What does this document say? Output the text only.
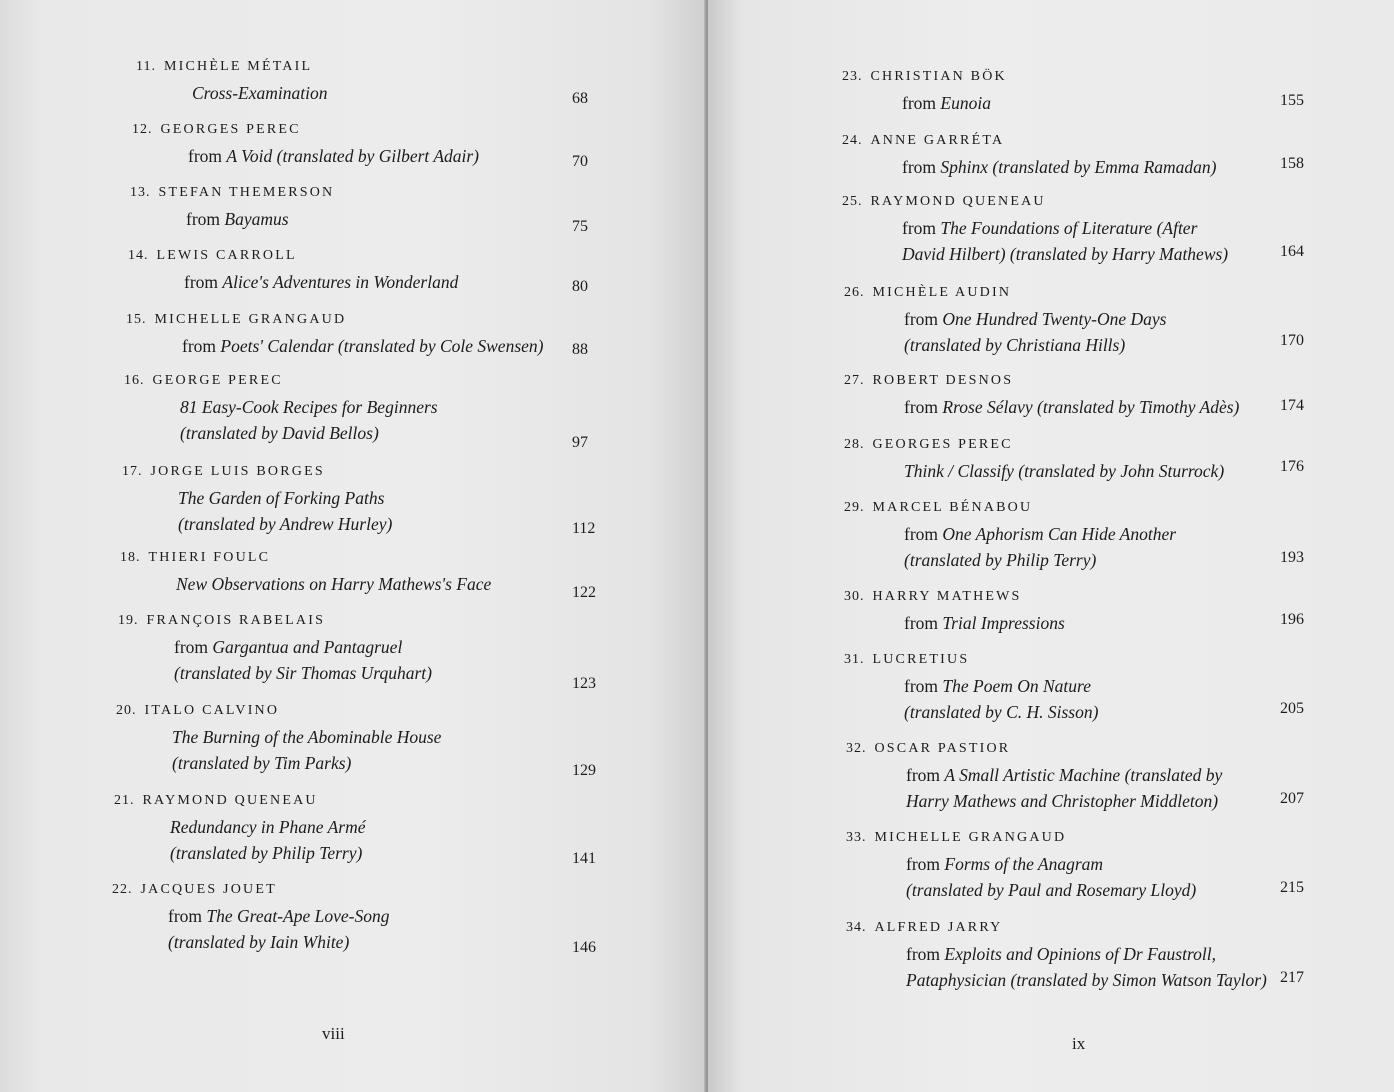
viii
11. MICHÈLE MÉTAIL
Cross-Examination	68
12. GEORGES PEREC
from A Void (translated by Gilbert Adair)	70
13. STEFAN THEMERSON
from Bayamus	75
14. LEWIS CARROLL
from Alice's Adventures in Wonderland	80
15. MICHELLE GRANGAUD
from Poets' Calendar (translated by Cole Swensen) 88
16. GEORGE PEREC
81 Easy-Cook Recipes for Beginners
(translated by David Bellos)	97
17. JORGE LUIS BORGES
The Garden of Forking Paths
(translated by Andrew Hurley)	112
18. THIERI FOULC
New Observations on Harry Mathews's Face	122
19. FRANÇOIS RABELAIS
from Gargantua and Pantagruel
(translated by Sir Thomas Urquhart)
123
20. ITALO CALVINO
The Burning of the Abominable House
(translated by Tim Parks)	129
21. RAYMOND QUENEAU
Redundancy in Phane Armé
(translated by Philip Terry)	141
22. JACQUES JOUET
from The Great-Ape Love-Song
(translated by Iain White)	146
ix
23. CHRISTIAN BÖK
from Eunoia	155
24. ANNE GARRÉTA
from Sphinx (translated by Emma Ramadan)	158
25. RAYMOND QUENEAU
from The Foundations of Literature (After
David Hilbert) (translated by Harry Mathews)	164
26. MICHÈLE AUDIN
from One Hundred Twenty-One Days
(translated by Christiana Hills)	170
27. ROBERT DESNOS
from Rrose Sélavy (translated by Timothy Adès)	174
28. GEORGES PEREC
Think / Classify (translated by John Sturrock)	176
29. MARCEL BÉNABOU
from One Aphorism Can Hide Another
(translated by Philip Terry)	193
30. HARRY MATHEWS
from Trial Impressions	196
31. LUCRETIUS
from The Poem On Nature
(translated by C. H. Sisson)	205
32. OSCAR PASTIOR
from A Small Artistic Machine (translated by
Harry Mathews and Christopher Middleton)	207
33. MICHELLE GRANGAUD
from Forms of the Anagram
(translated by Paul and Rosemary Lloyd)	215
34. ALFRED JARRY
from Exploits and Opinions of Dr Faustroll,
Pataphysician (translated by Simon Watson Taylor) 217
